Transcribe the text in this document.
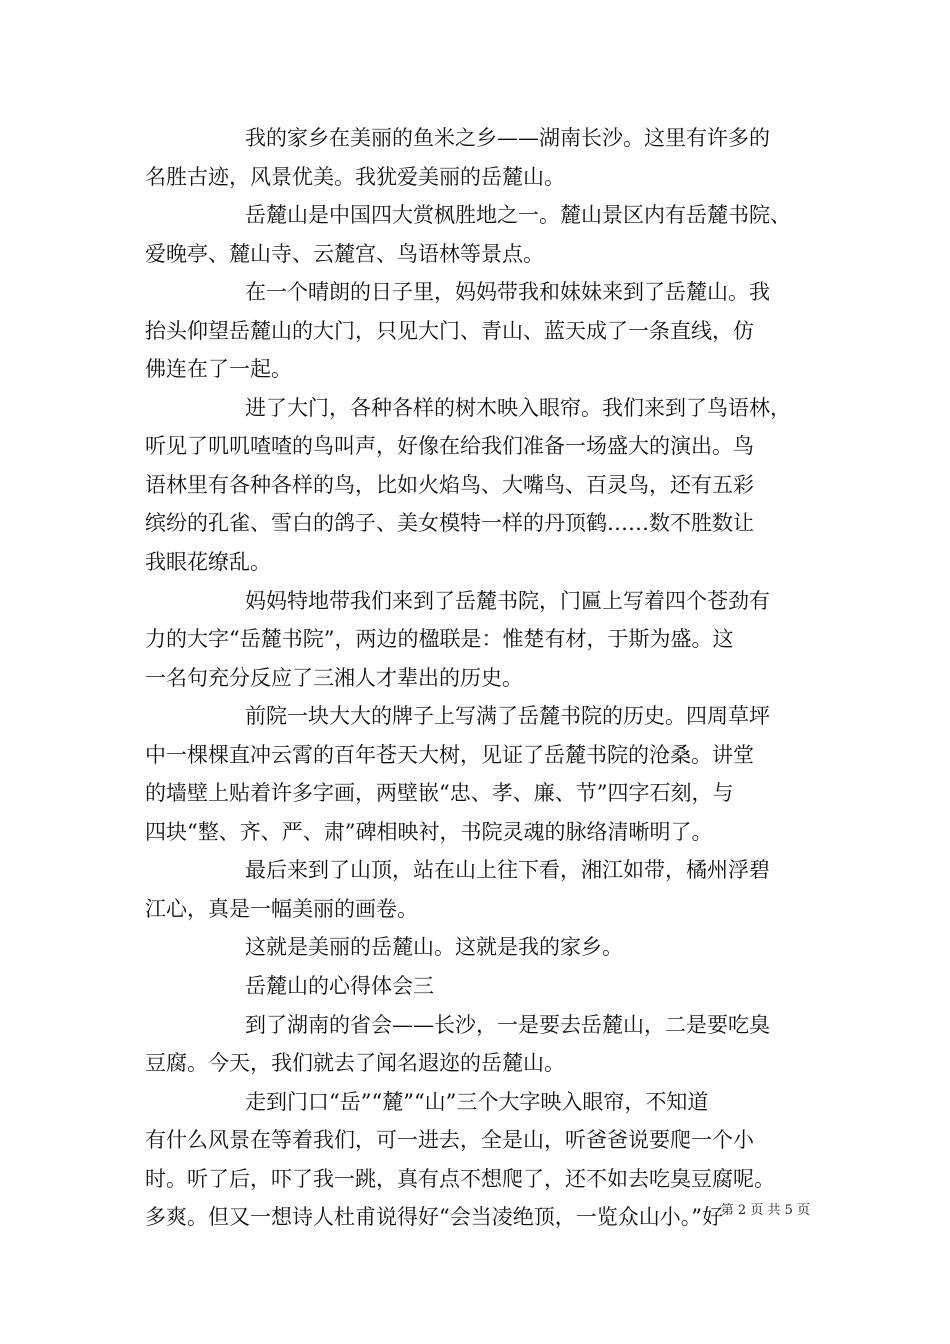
我的家乡在美丽的鱼米之乡——湖南长沙。这里有许多的
名胜古迹，风景优美。我犹爱美丽的岳麓山。
岳麓山是中国四大赏枫胜地之一。麓山景区内有岳麓书院、
爱晚亭、麓山寺、云麓宫、鸟语林等景点。
在一个晴朗的日子里，妈妈带我和妹妹来到了岳麓山。我
抬头仰望岳麓山的大门，只见大门、青山、蓝天成了一条直线，仿
佛连在了一起。
进了大门，各种各样的树木映入眼帘。我们来到了鸟语林，
听见了叽叽喳喳的鸟叫声，好像在给我们准备一场盛大的演出。鸟
语林里有各种各样的鸟，比如火焰鸟、大嘴鸟、百灵鸟，还有五彩
缤纷的孔雀、雪白的鸽子、美女模特一样的丹顶鹤……数不胜数让
我眼花缭乱。
妈妈特地带我们来到了岳麓书院，门匾上写着四个苍劲有
力的大字“岳麓书院”，两边的楹联是：惟楚有材，于斯为盛。这
一名句充分反应了三湘人才辈出的历史。
前院一块大大的牌子上写满了岳麓书院的历史。四周草坪
中一棵棵直冲云霄的百年苍天大树，见证了岳麓书院的沧桑。讲堂
的墙壁上贴着许多字画，两壁嵌“忠、孝、廉、节”四字石刻，与
四块“整、齐、严、肃”碑相映衬，书院灵魂的脉络清晰明了。
最后来到了山顶，站在山上往下看，湘江如带，橘州浮碧
江心，真是一幅美丽的画卷。
这就是美丽的岳麓山。这就是我的家乡。
岳麓山的心得体会三
到了湖南的省会——长沙，一是要去岳麓山，二是要吃臭
豆腐。今天，我们就去了闻名遐迩的岳麓山。
走到门口“岳”“麓”“山”三个大字映入眼帘，不知道
有什么风景在等着我们，可一进去，全是山，听爸爸说要爬一个小
时。听了后，吓了我一跳，真有点不想爬了，还不如去吃臭豆腐呢。
多爽。但又一想诗人杜甫说得好“会当凌绝顶，一览众山小。”好
第 2 页 共 5 页
